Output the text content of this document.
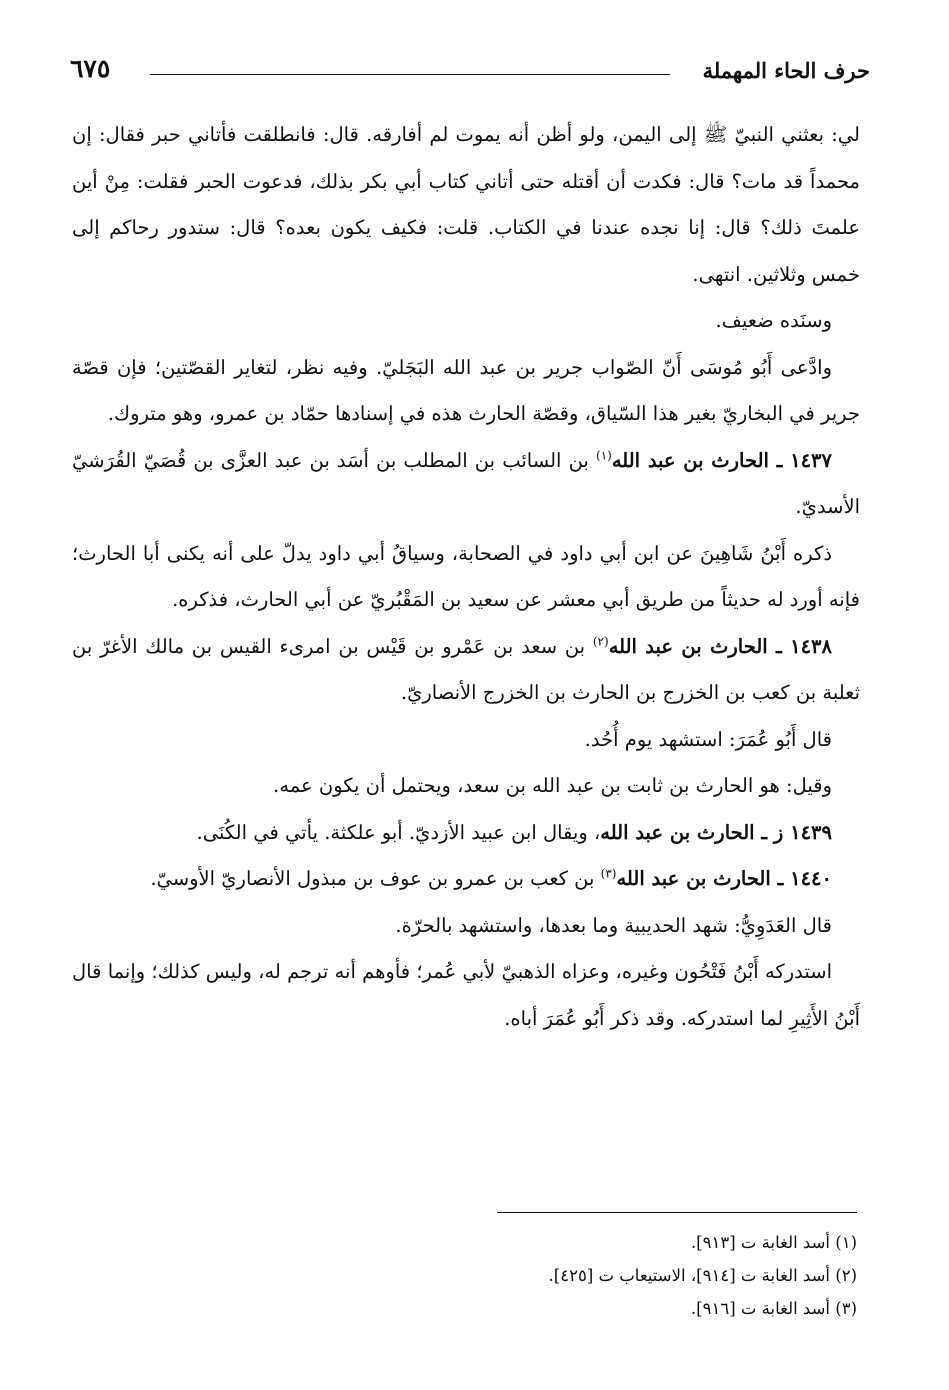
حرف الحاء المهملة
٦٧٥

لي: بعثني النبيّ ﷺ إلى اليمن، ولو أظن أنه يموت لم أفارقه. قال: فانطلقت فأتاني حبر فقال: إن محمداً قد مات؟ قال: فكدت أن أقتله حتى أتاني كتاب أبي بكر بذلك، فدعوت الحبر فقلت: مِنْ أين علمتَ ذلك؟ قال: إنا نجده عندنا في الكتاب. قلت: فكيف يكون بعده؟ قال: ستدور رحاكم إلى خمس وثلاثين. انتهى.

وسنَده ضعيف.

وادَّعى أَبُو مُوسَى أَنّ الصّواب جرير بن عبد الله البَجَليّ. وفيه نظر، لتغاير القصّتين؛ فإن قصّة جرير في البخاريّ بغير هذا السّياق، وقصّة الحارث هذه في إسنادها حمّاد بن عمرو، وهو متروك.

١٤٣٧ ـ الحارث بن عبد الله$^{(١)}$ بن السائب بن المطلب بن أسَد بن عبد العزَّى بن قُصَيّ القُرَشيّ الأسديّ.

ذكره أَبْنُ شَاهِينَ عن ابن أبي داود في الصحابة، وسياقُ أبي داود يدلّ على أنه يكنى أبا الحارث؛ فإنه أورد له حديثاً من طريق أبي معشر عن سعيد بن المَقْبُريّ عن أبي الحارث، فذكره.

١٤٣٨ ـ الحارث بن عبد الله$^{(٢)}$ بن سعد بن عَمْرو بن قَيْس بن امرىء القيس بن مالك الأغرّ بن ثعلبة بن كعب بن الخزرج بن الحارث بن الخزرج الأنصاريّ.

قال أَبُو عُمَرَ: استشهد يوم أُحُد.

وقيل: هو الحارث بن ثابت بن عبد الله بن سعد، ويحتمل أن يكون عمه.

١٤٣٩ ز ـ الحارث بن عبد الله، ويقال ابن عبيد الأزديّ. أبو علكثة. يأتي في الكُنَى.

١٤٤٠ ـ الحارث بن عبد الله$^{(٣)}$ بن كعب بن عمرو بن عوف بن مبذول الأنصاريّ الأوسيّ.

قال العَدَوِيُّ: شهد الحديبية وما بعدها، واستشهد بالحرّة.

استدركه أَبْنُ فَتْحُون وغيره، وعزاه الذهبيّ لأبي عُمر؛ فأوهم أنه ترجم له، وليس كذلك؛ وإنما قال أَبْنُ الأَثِيرِ لما استدركه. وقد ذكر أَبُو عُمَرَ أباه.

(١) أسد الغابة ت [٩١٣].

(٢) أسد الغابة ت [٩١٤]، الاستيعاب ت [٤٢٥].

(٣) أسد الغابة ت [٩١٦].
